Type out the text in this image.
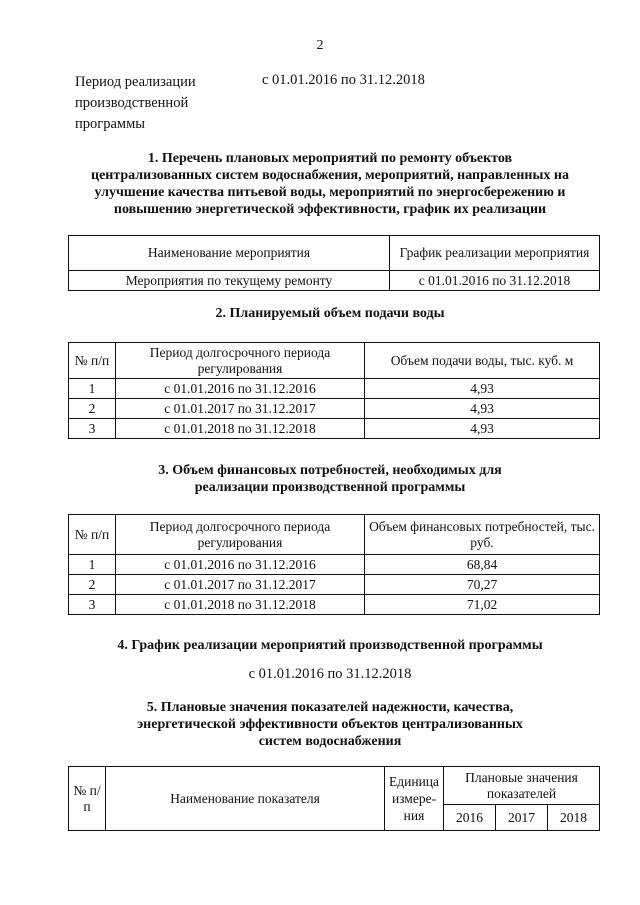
2
Период реализации
производственной
программы
с 01.01.2016 по 31.12.2018
1. Перечень плановых мероприятий по ремонту объектов
централизованных систем водоснабжения, мероприятий, направленных на
улучшение качества питьевой воды, мероприятий по энергосбережению и
повышению энергетической эффективности, график их реализации
Наименование мероприятия	График реализации мероприятия
Мероприятия по текущему ремонту	с 01.01.2016 по 31.12.2018
2. Планируемый объем подачи воды
№ п/п	Период долгосрочного периода регулирования	Объем подачи воды, тыс. куб. м
1	с 01.01.2016 по 31.12.2016	4,93
2	с 01.01.2017 по 31.12.2017	4,93
3	с 01.01.2018 по 31.12.2018	4,93
3. Объем финансовых потребностей, необходимых для
реализации производственной программы
№ п/п	Период долгосрочного периода регулирования	Объем финансовых потребностей, тыс. руб.
1	с 01.01.2016 по 31.12.2016	68,84
2	с 01.01.2017 по 31.12.2017	70,27
3	с 01.01.2018 по 31.12.2018	71,02
4. График реализации мероприятий производственной программы
с 01.01.2016 по 31.12.2018
5. Плановые значения показателей надежности, качества,
энергетической эффективности объектов централизованных
систем водоснабжения
№ п/п	Наименование показателя	Единица измере-ния	Плановые значения показателей		
			2016	2017	2018
